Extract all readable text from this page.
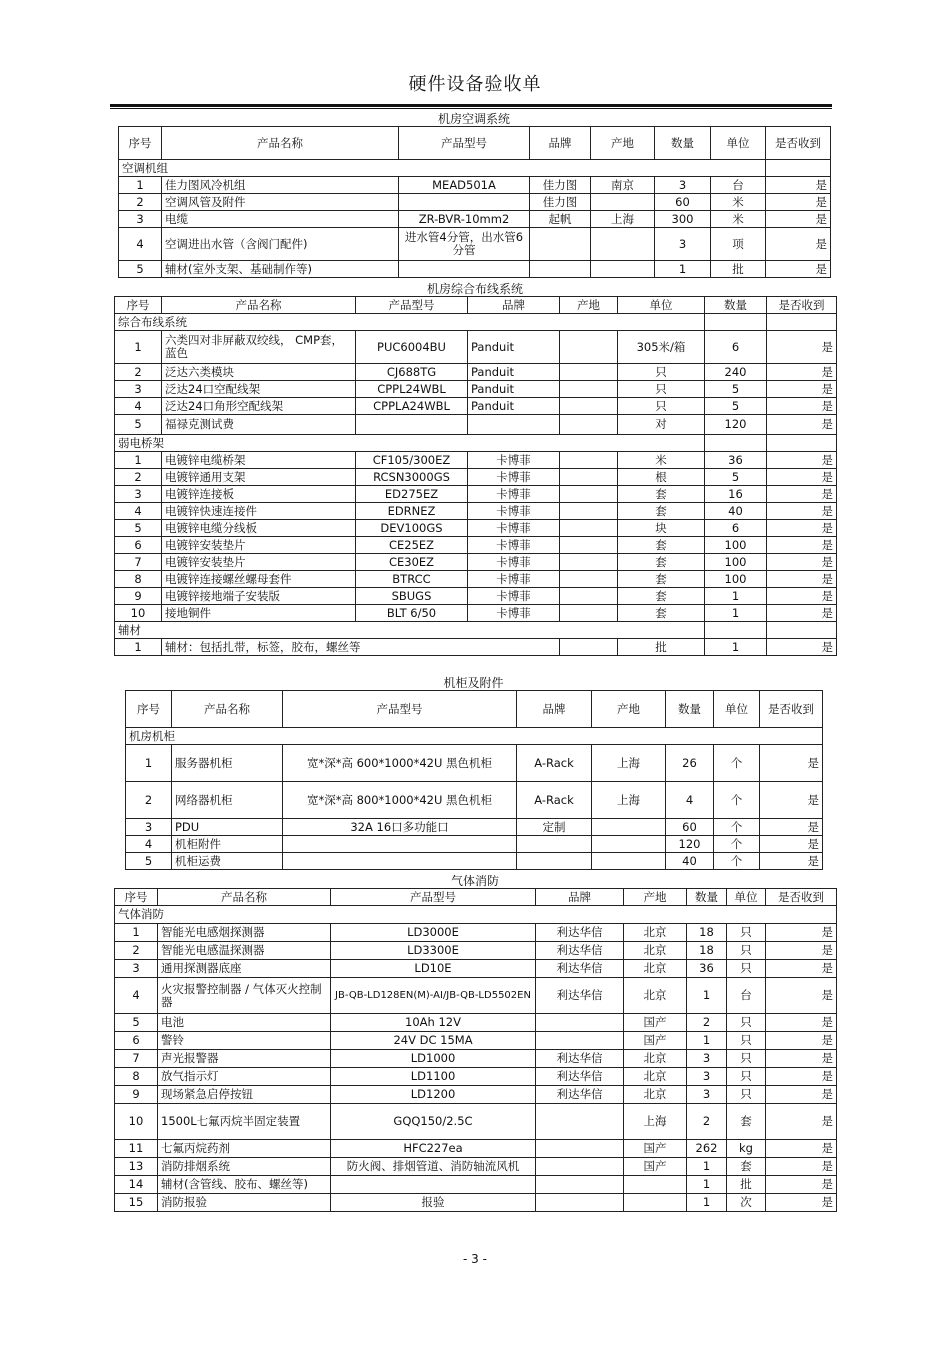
硬件设备验收单
机房空调系统
序号	产品名称	产品型号	品牌	产地	数量	单位	是否收到
空调机组							
1	佳力图风冷机组	MEAD501A	佳力图	南京	3	台	是
2	空调风管及附件		佳力图		60	米	是
3	电缆	ZR-BVR-10mm2	起帆	上海	300	米	是
4	空调进出水管（含阀门配件)	进水管4分管，出水管6分管			3	项	是
5	辅材(室外支架、基础制作等)				1	批	是
机房综合布线系统
序号	产品名称	产品型号	品牌	产地	单位	数量	是否收到
综合布线系统							
1	六类四对非屏蔽双绞线， CMP套，蓝色	PUC6004BU	Panduit		305米/箱	6	是
2	泛达六类模块	CJ688TG	Panduit		只	240	是
3	泛达24口空配线架	CPPL24WBL	Panduit		只	5	是
4	泛达24口角形空配线架	CPPLA24WBL	Panduit		只	5	是
5	福禄克测试费				对	120	是
弱电桥架							
1	电镀锌电缆桥架	CF105/300EZ	卡博菲		米	36	是
2	电镀锌通用支架	RCSN3000GS	卡博菲		根	5	是
3	电镀锌连接板	ED275EZ	卡博菲		套	16	是
4	电镀锌快速连接件	EDRNEZ	卡博菲		套	40	是
5	电镀锌电缆分线板	DEV100GS	卡博菲		块	6	是
6	电镀锌安装垫片	CE25EZ	卡博菲		套	100	是
7	电镀锌安装垫片	CE30EZ	卡博菲		套	100	是
8	电镀锌连接螺丝螺母套件	BTRCC	卡博菲		套	100	是
9	电镀锌接地端子安装版	SBUGS	卡博菲		套	1	是
10	接地铜件	BLT 6/50	卡博菲		套	1	是
辅材							
1	辅材：包括扎带，标签，胶布，螺丝等				批	1	是
机柜及附件
序号	产品名称	产品型号	品牌	产地	数量	单位	是否收到
机房机柜							
1	服务器机柜	宽*深*高 600*1000*42U 黑色机柜	A-Rack	上海	26	个	是
2	网络器机柜	宽*深*高 800*1000*42U 黑色机柜	A-Rack	上海	4	个	是
3	PDU	32A 16口多功能口	定制		60	个	是
4	机柜附件				120	个	是
5	机柜运费				40	个	是
气体消防
序号	产品名称	产品型号	品牌	产地	数量	单位	是否收到
气体消防							
1	智能光电感烟探测器	LD3000E	利达华信	北京	18	只	是
2	智能光电感温探测器	LD3300E	利达华信	北京	18	只	是
3	通用探测器底座	LD10E	利达华信	北京	36	只	是
4	火灾报警控制器 / 气体灭火控制器	JB-QB-LD128EN(M)-AI/JB-QB-LD5502EN	利达华信	北京	1	台	是
5	电池	10Ah 12V		国产	2	只	是
6	警铃	24V DC 15MA		国产	1	只	是
7	声光报警器	LD1000	利达华信	北京	3	只	是
8	放气指示灯	LD1100	利达华信	北京	3	只	是
9	现场紧急启停按钮	LD1200	利达华信	北京	3	只	是
10	1500L七氟丙烷半固定装置	GQQ150/2.5C		上海	2	套	是
11	七氟丙烷药剂	HFC227ea		国产	262	kg	是
13	消防排烟系统	防火阀、排烟管道、消防轴流风机		国产	1	套	是
14	辅材(含管线、胶布、螺丝等)				1	批	是
15	消防报验	报验			1	次	是
- 3 -
